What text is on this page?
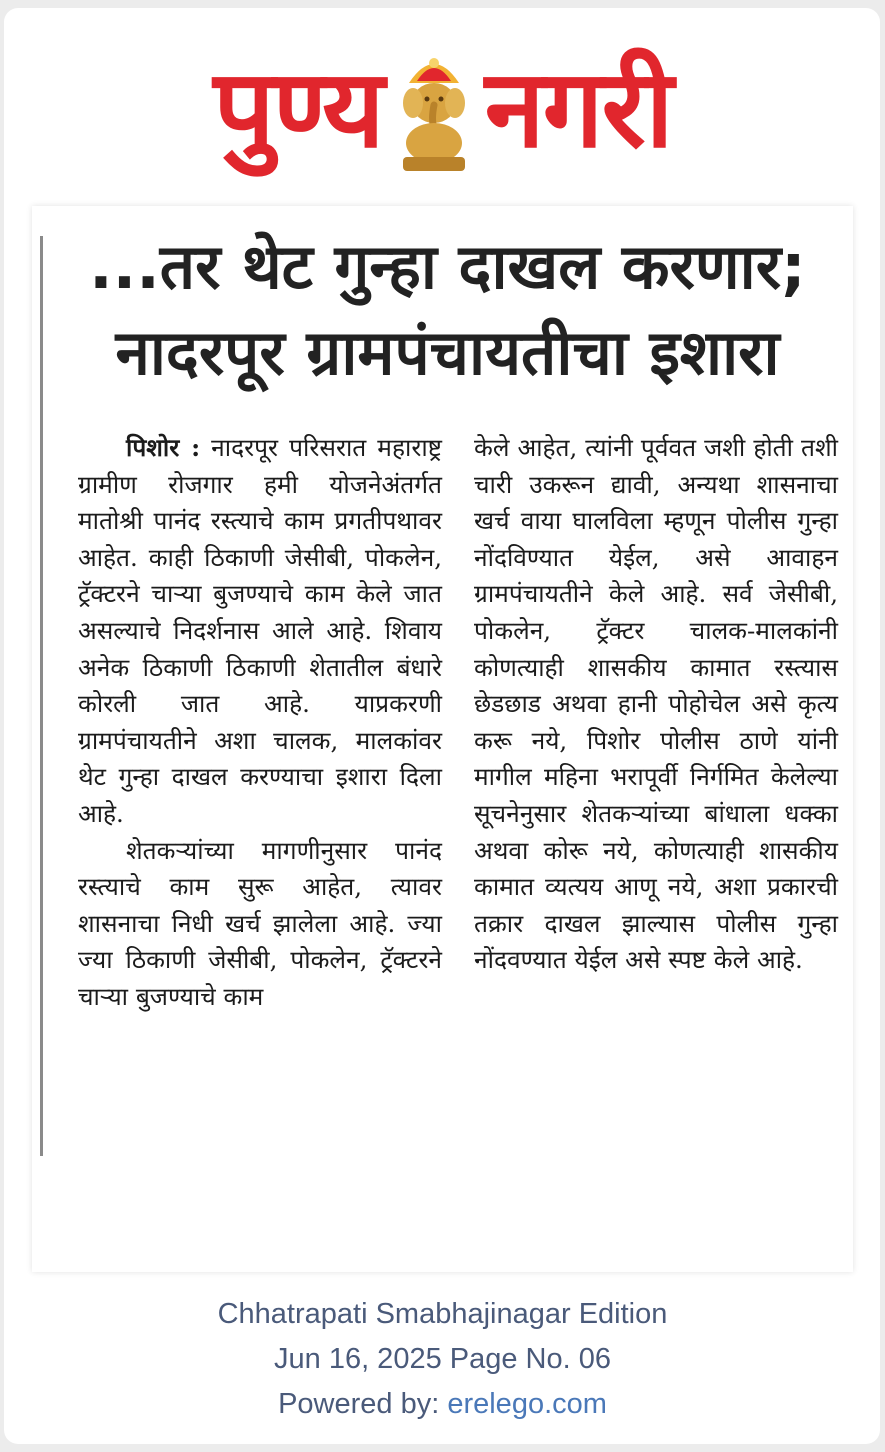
पुण्य नगरी
...तर थेट गुन्हा दाखल करणार;
नादरपूर ग्रामपंचायतीचा इशारा

पिशोर : नादरपूर परिसरात महाराष्ट्र ग्रामीण रोजगार हमी योजनेअंतर्गत मातोश्री पानंद रस्त्याचे काम प्रगतीपथावर आहेत. काही ठिकाणी जेसीबी, पोकलेन, ट्रॅक्टरने चाऱ्या बुजण्याचे काम केले जात असल्याचे निदर्शनास आले आहे. शिवाय अनेक ठिकाणी ठिकाणी शेतातील बंधारे कोरली जात आहे. याप्रकरणी ग्रामपंचायतीने अशा चालक, मालकांवर थेट गुन्हा दाखल करण्याचा इशारा दिला आहे.

शेतकऱ्यांच्या मागणीनुसार पानंद रस्त्याचे काम सुरू आहेत, त्यावर शासनाचा निधी खर्च झालेला आहे. ज्या ज्या ठिकाणी जेसीबी, पोकलेन, ट्रॅक्टरने चाऱ्या बुजण्याचे काम

केले आहेत, त्यांनी पूर्ववत जशी होती तशी चारी उकरून द्यावी, अन्यथा शासनाचा खर्च वाया घालविला म्हणून पोलीस गुन्हा नोंदविण्यात येईल, असे आवाहन ग्रामपंचायतीने केले आहे. सर्व जेसीबी, पोकलेन, ट्रॅक्टर चालक-मालकांनी कोणत्याही शासकीय कामात रस्त्यास छेडछाड अथवा हानी पोहोचेल असे कृत्य करू नये, पिशोर पोलीस ठाणे यांनी मागील महिना भरापूर्वी निर्गमित केलेल्या सूचनेनुसार शेतकऱ्यांच्या बांधाला धक्का अथवा कोरू नये, कोणत्याही शासकीय कामात व्यत्यय आणू नये, अशा प्रकारची तक्रार दाखल झाल्यास पोलीस गुन्हा नोंदवण्यात येईल असे स्पष्ट केले आहे.

Chhatrapati Smabhajinagar Edition
Jun 16, 2025 Page No. 06
Powered by: erelego.com
